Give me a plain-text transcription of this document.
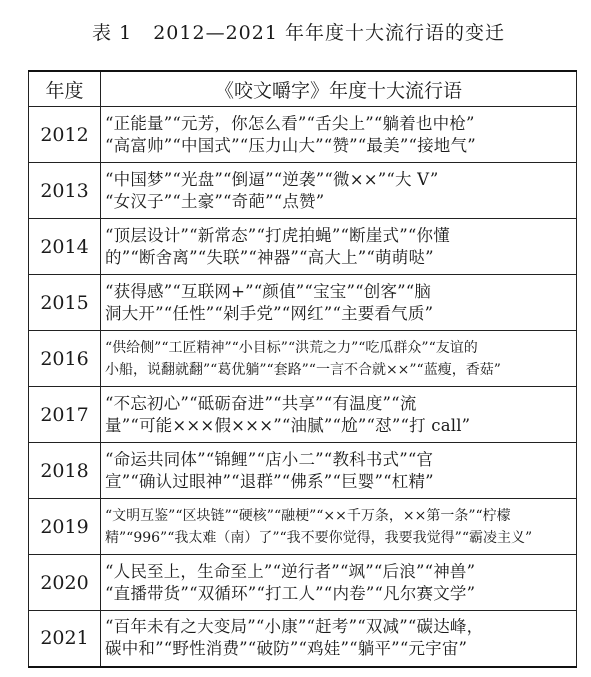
表 1 2012—2021 年年度十大流行语的变迁
年度	《咬文嚼字》年度十大流行语
2012	“正能量”“元芳，你怎么看”“舌尖上”“躺着也中枪”
“高富帅”“中国式”“压力山大”“赞”“最美”“接地气”

2013	“中国梦”“光盘”“倒逼”“逆袭”“微××”“大 V”
“女汉子”“土豪”“奇葩”“点赞”

2014	“顶层设计”“新常态”“打虎拍蝇”“断崖式”“你懂
的”“断舍离”“失联”“神器”“高大上”“萌萌哒”

2015	“获得感”“互联网+”“颜值”“宝宝”“创客”“脑
洞大开”“任性”“剁手党”“网红”“主要看气质”

2016	“供给侧”“工匠精神”“小目标”“洪荒之力”“吃瓜群众”“友谊的
小船，说翻就翻”“葛优躺”“套路”“一言不合就××”“蓝瘦，香菇”

2017	“不忘初心”“砥砺奋进”“共享”“有温度”“流
量”“可能×××假×××”“油腻”“尬”“怼”“打 call”

2018	“命运共同体”“锦鲤”“店小二”“教科书式”“官
宣”“确认过眼神”“退群”“佛系”“巨婴”“杠精”

2019	“文明互鉴”“区块链”“硬核”“融梗”“××千万条，××第一条”“柠檬
精”“996”“我太难（南）了”“我不要你觉得，我要我觉得”“霸凌主义”

2020	“人民至上，生命至上”“逆行者”“飒”“后浪”“神兽”
“直播带货”“双循环”“打工人”“内卷”“凡尔赛文学”

2021	“百年未有之大变局”“小康”“赶考”“双减”“碳达峰，
碳中和”“野性消费”“破防”“鸡娃”“躺平”“元宇宙”
